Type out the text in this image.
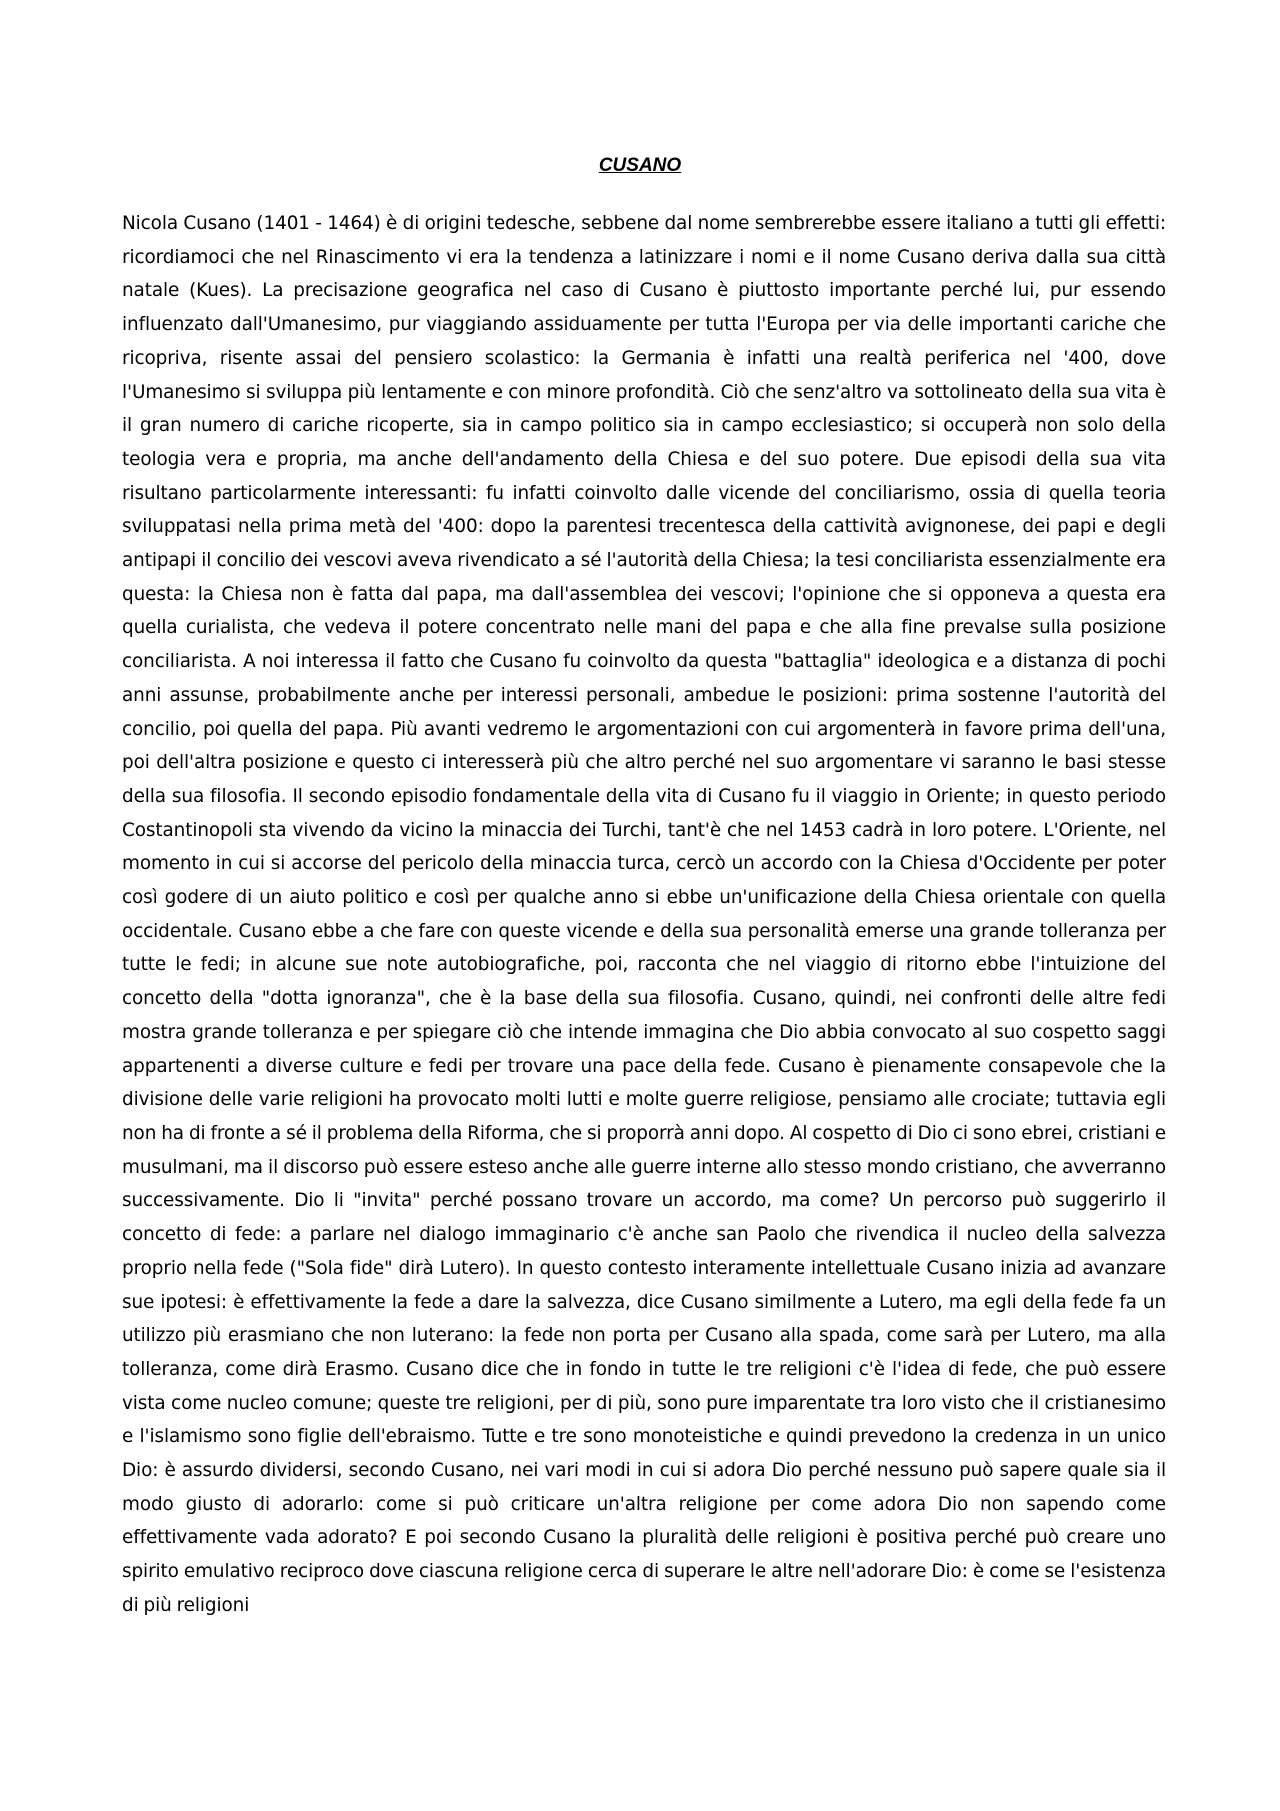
CUSANO

Nicola Cusano (1401 - 1464) è di origini tedesche, sebbene dal nome sembrerebbe essere italiano a tutti gli effetti: ricordiamoci che nel Rinascimento vi era la tendenza a latinizzare i nomi e il nome Cusano deriva dalla sua città natale (Kues). La precisazione geografica nel caso di Cusano è piuttosto importante perché lui, pur essendo influenzato dall'Umanesimo, pur viaggiando assiduamente per tutta l'Europa per via delle importanti cariche che ricopriva, risente assai del pensiero scolastico: la Germania è infatti una realtà periferica nel '400, dove l'Umanesimo si sviluppa più lentamente e con minore profondità. Ciò che senz'altro va sottolineato della sua vita è il gran numero di cariche ricoperte, sia in campo politico sia in campo ecclesiastico; si occuperà non solo della teologia vera e propria, ma anche dell'andamento della Chiesa e del suo potere. Due episodi della sua vita risultano particolarmente interessanti: fu infatti coinvolto dalle vicende del conciliarismo, ossia di quella teoria sviluppatasi nella prima metà del '400: dopo la parentesi trecentesca della cattività avignonese, dei papi e degli antipapi il concilio dei vescovi aveva rivendicato a sé l'autorità della Chiesa; la tesi conciliarista essenzialmente era questa: la Chiesa non è fatta dal papa, ma dall'assemblea dei vescovi; l'opinione che si opponeva a questa era quella curialista, che vedeva il potere concentrato nelle mani del papa e che alla fine prevalse sulla posizione conciliarista. A noi interessa il fatto che Cusano fu coinvolto da questa "battaglia" ideologica e a distanza di pochi anni assunse, probabilmente anche per interessi personali, ambedue le posizioni: prima sostenne l'autorità del concilio, poi quella del papa. Più avanti vedremo le argomentazioni con cui argomenterà in favore prima dell'una, poi dell'altra posizione e questo ci interesserà più che altro perché nel suo argomentare vi saranno le basi stesse della sua filosofia. Il secondo episodio fondamentale della vita di Cusano fu il viaggio in Oriente; in questo periodo Costantinopoli sta vivendo da vicino la minaccia dei Turchi, tant'è che nel 1453 cadrà in loro potere. L'Oriente, nel momento in cui si accorse del pericolo della minaccia turca, cercò un accordo con la Chiesa d'Occidente per poter così godere di un aiuto politico e così per qualche anno si ebbe un'unificazione della Chiesa orientale con quella occidentale. Cusano ebbe a che fare con queste vicende e della sua personalità emerse una grande tolleranza per tutte le fedi; in alcune sue note autobiografiche, poi, racconta che nel viaggio di ritorno ebbe l'intuizione del concetto della "dotta ignoranza", che è la base della sua filosofia. Cusano, quindi, nei confronti delle altre fedi mostra grande tolleranza e per spiegare ciò che intende immagina che Dio abbia convocato al suo cospetto saggi appartenenti a diverse culture e fedi per trovare una pace della fede. Cusano è pienamente consapevole che la divisione delle varie religioni ha provocato molti lutti e molte guerre religiose, pensiamo alle crociate; tuttavia egli non ha di fronte a sé il problema della Riforma, che si proporrà anni dopo. Al cospetto di Dio ci sono ebrei, cristiani e musulmani, ma il discorso può essere esteso anche alle guerre interne allo stesso mondo cristiano, che avverranno successivamente. Dio li "invita" perché possano trovare un accordo, ma come? Un percorso può suggerirlo il concetto di fede: a parlare nel dialogo immaginario c'è anche san Paolo che rivendica il nucleo della salvezza proprio nella fede ("Sola fide" dirà Lutero). In questo contesto interamente intellettuale Cusano inizia ad avanzare sue ipotesi: è effettivamente la fede a dare la salvezza, dice Cusano similmente a Lutero, ma egli della fede fa un utilizzo più erasmiano che non luterano: la fede non porta per Cusano alla spada, come sarà per Lutero, ma alla tolleranza, come dirà Erasmo. Cusano dice che in fondo in tutte le tre religioni c'è l'idea di fede, che può essere vista come nucleo comune; queste tre religioni, per di più, sono pure imparentate tra loro visto che il cristianesimo e l'islamismo sono figlie dell'ebraismo. Tutte e tre sono monoteistiche e quindi prevedono la credenza in un unico Dio: è assurdo dividersi, secondo Cusano, nei vari modi in cui si adora Dio perché nessuno può sapere quale sia il modo giusto di adorarlo: come si può criticare un'altra religione per come adora Dio non sapendo come effettivamente vada adorato? E poi secondo Cusano la pluralità delle religioni è positiva perché può creare uno spirito emulativo reciproco dove ciascuna religione cerca di superare le altre nell'adorare Dio: è come se l'esistenza di più religioni
